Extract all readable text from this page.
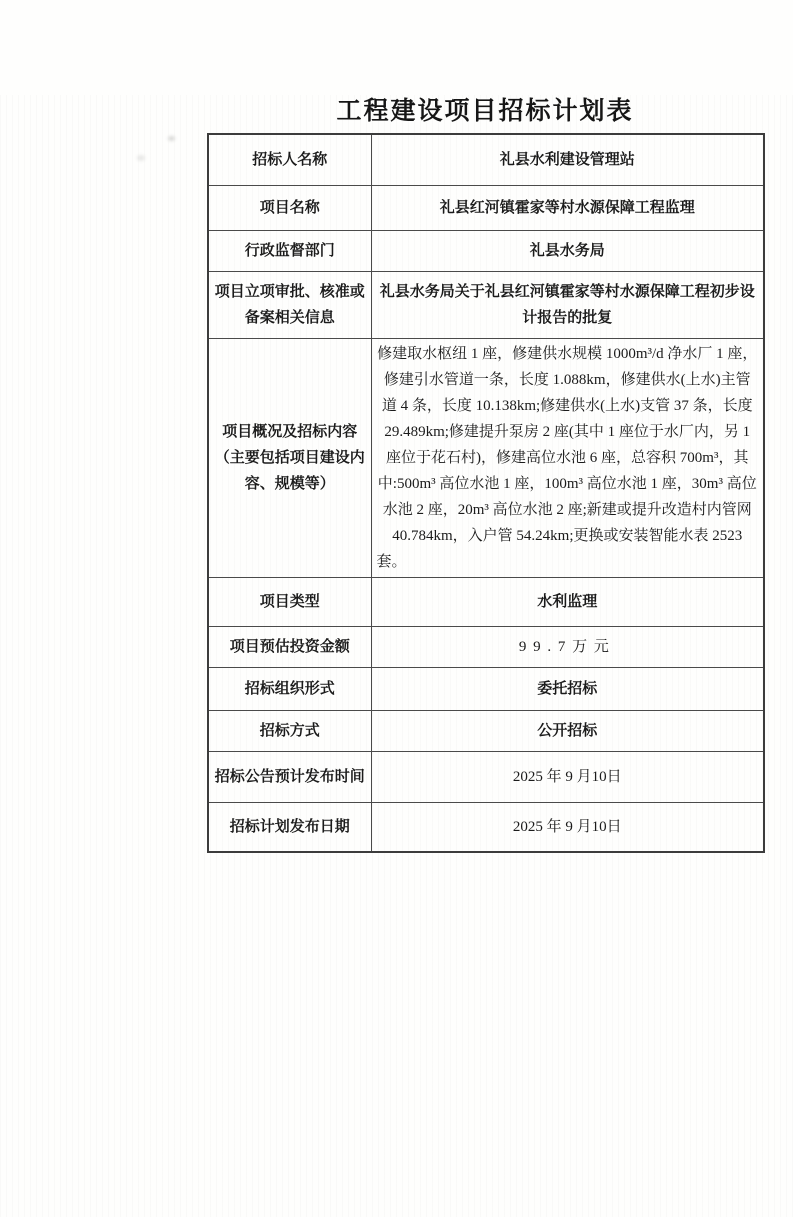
工程建设项目招标计划表
招标人名称	礼县水利建设管理站
项目名称	礼县红河镇霍家等村水源保障工程监理
行政监督部门	礼县水务局
项目立项审批、核准或备案相关信息	礼县水务局关于礼县红河镇霍家等村水源保障工程初步设计报告的批复
项目概况及招标内容（主要包括项目建设内容、规模等）	修建取水枢纽 1 座，修建供水规模 1000m³/d 净水厂 1 座，修建引水管道一条，长度 1.088km，修建供水(上水)主管道 4 条，长度 10.138km;修建供水(上水)支管 37 条，长度 29.489km;修建提升泵房 2 座(其中 1 座位于水厂内，另 1 座位于花石村)，修建高位水池 6 座，总容积 700m³，其中:500m³ 高位水池 1 座，100m³ 高位水池 1 座，30m³ 高位水池 2 座，20m³ 高位水池 2 座;新建或提升改造村内管网 40.784km，入户管 54.24km;更换或安装智能水表 2523 套。
项目类型	水利监理
项目预估投资金额	99.7万元
招标组织形式	委托招标
招标方式	公开招标
招标公告预计发布时间	2025 年 9 月10日
招标计划发布日期	2025 年 9 月10日
